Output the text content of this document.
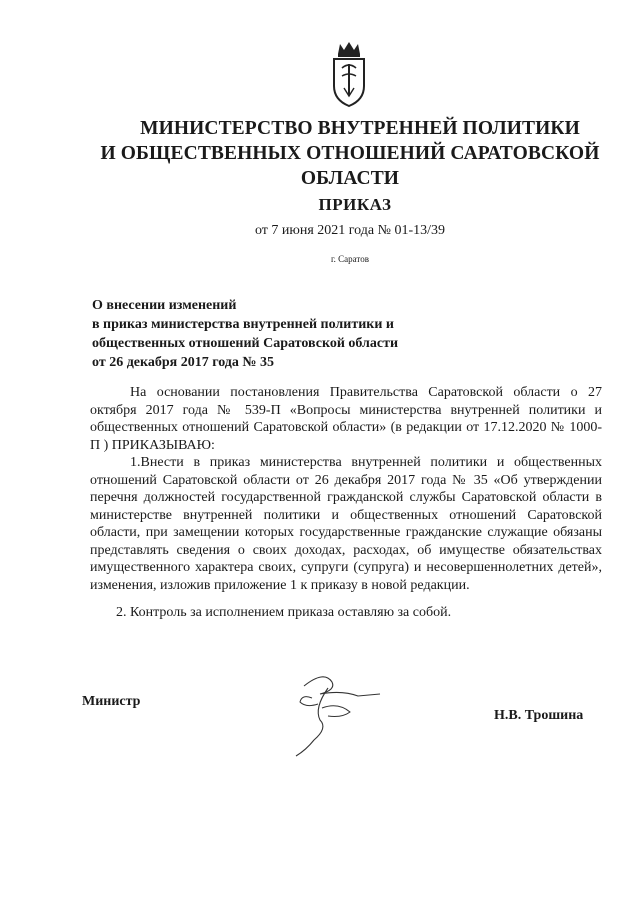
МИНИСТЕРСТВО ВНУТРЕННЕЙ ПОЛИТИКИ
И ОБЩЕСТВЕННЫХ ОТНОШЕНИЙ САРАТОВСКОЙ ОБЛАСТИ
ПРИКАЗ
от 7 июня 2021 года № 01-13/39
г. Саратов
О внесении изменений
в приказ министерства внутренней политики и
общественных отношений Саратовской области
от 26 декабря 2017 года № 35

На основании постановления Правительства Саратовской области о 27 октября 2017 года № 539-П «Вопросы министерства внутренней политики и общественных отношений Саратовской области» (в редакции от 17.12.2020 № 1000-П ) ПРИКАЗЫВАЮ:

1.Внести в приказ министерства внутренней политики и общественных отношений Саратовской области от 26 декабря 2017 года № 35 «Об утверждении перечня должностей государственной гражданской службы Саратовской области в министерстве внутренней политики и общественных отношений Саратовской области, при замещении которых государственные гражданские служащие обязаны представлять сведения о своих доходах, расходах, об имуществе обязательствах имущественного характера своих, супруги (супруга) и несовершеннолетних детей», изменения, изложив приложение 1 к приказу в новой редакции.

2. Контроль за исполнением приказа оставляю за собой.

Министр
Н.В. Трошина
